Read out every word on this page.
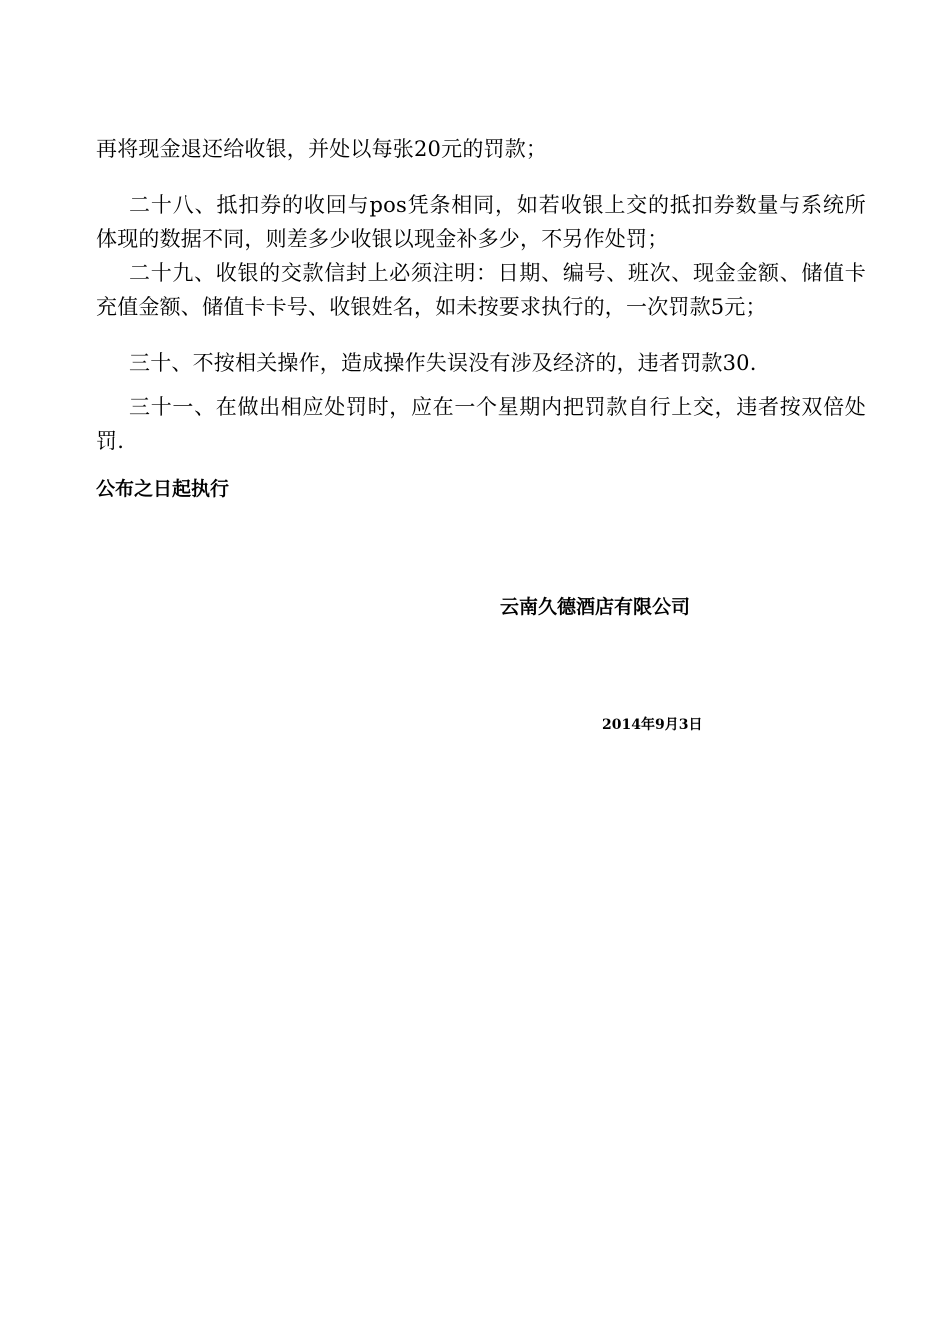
再将现金退还给收银，并处以每张20元的罚款；

二十八、抵扣券的收回与pos凭条相同，如若收银上交的抵扣券数量与系统所体现的数据不同，则差多少收银以现金补多少，不另作处罚；

二十九、收银的交款信封上必须注明：日期、编号、班次、现金金额、储值卡充值金额、储值卡卡号、收银姓名，如未按要求执行的，一次罚款5元；

三十、不按相关操作，造成操作失误没有涉及经济的，违者罚款30.

三十一、在做出相应处罚时，应在一个星期内把罚款自行上交，违者按双倍处罚.

公布之日起执行

云南久德酒店有限公司

2014年9月3日
